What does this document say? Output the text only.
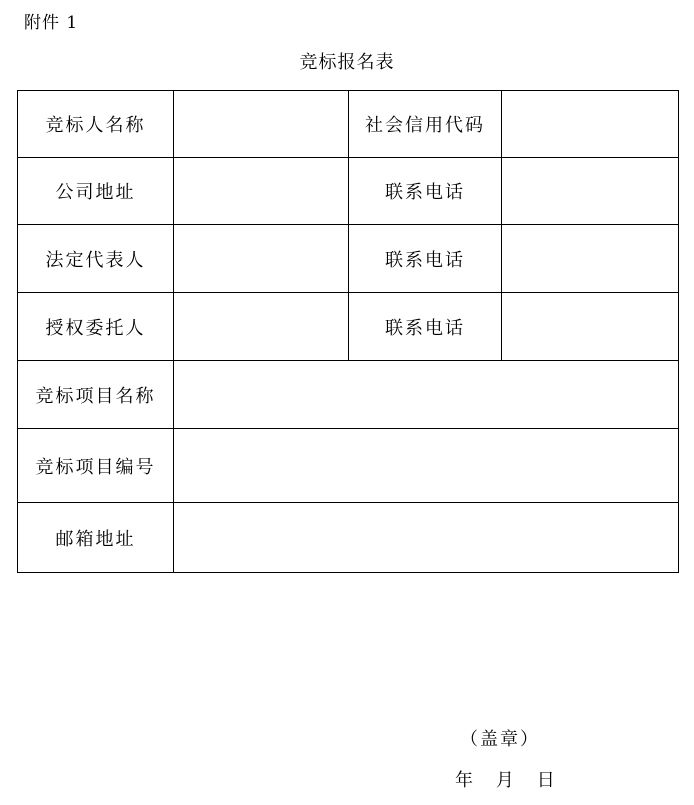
附件 1
竞标报名表
竞标人名称		社会信用代码	
公司地址		联系电话	
法定代表人		联系电话	
授权委托人		联系电话	
竞标项目名称			
竞标项目编号			
邮箱地址			
（盖章）
年    月    日
